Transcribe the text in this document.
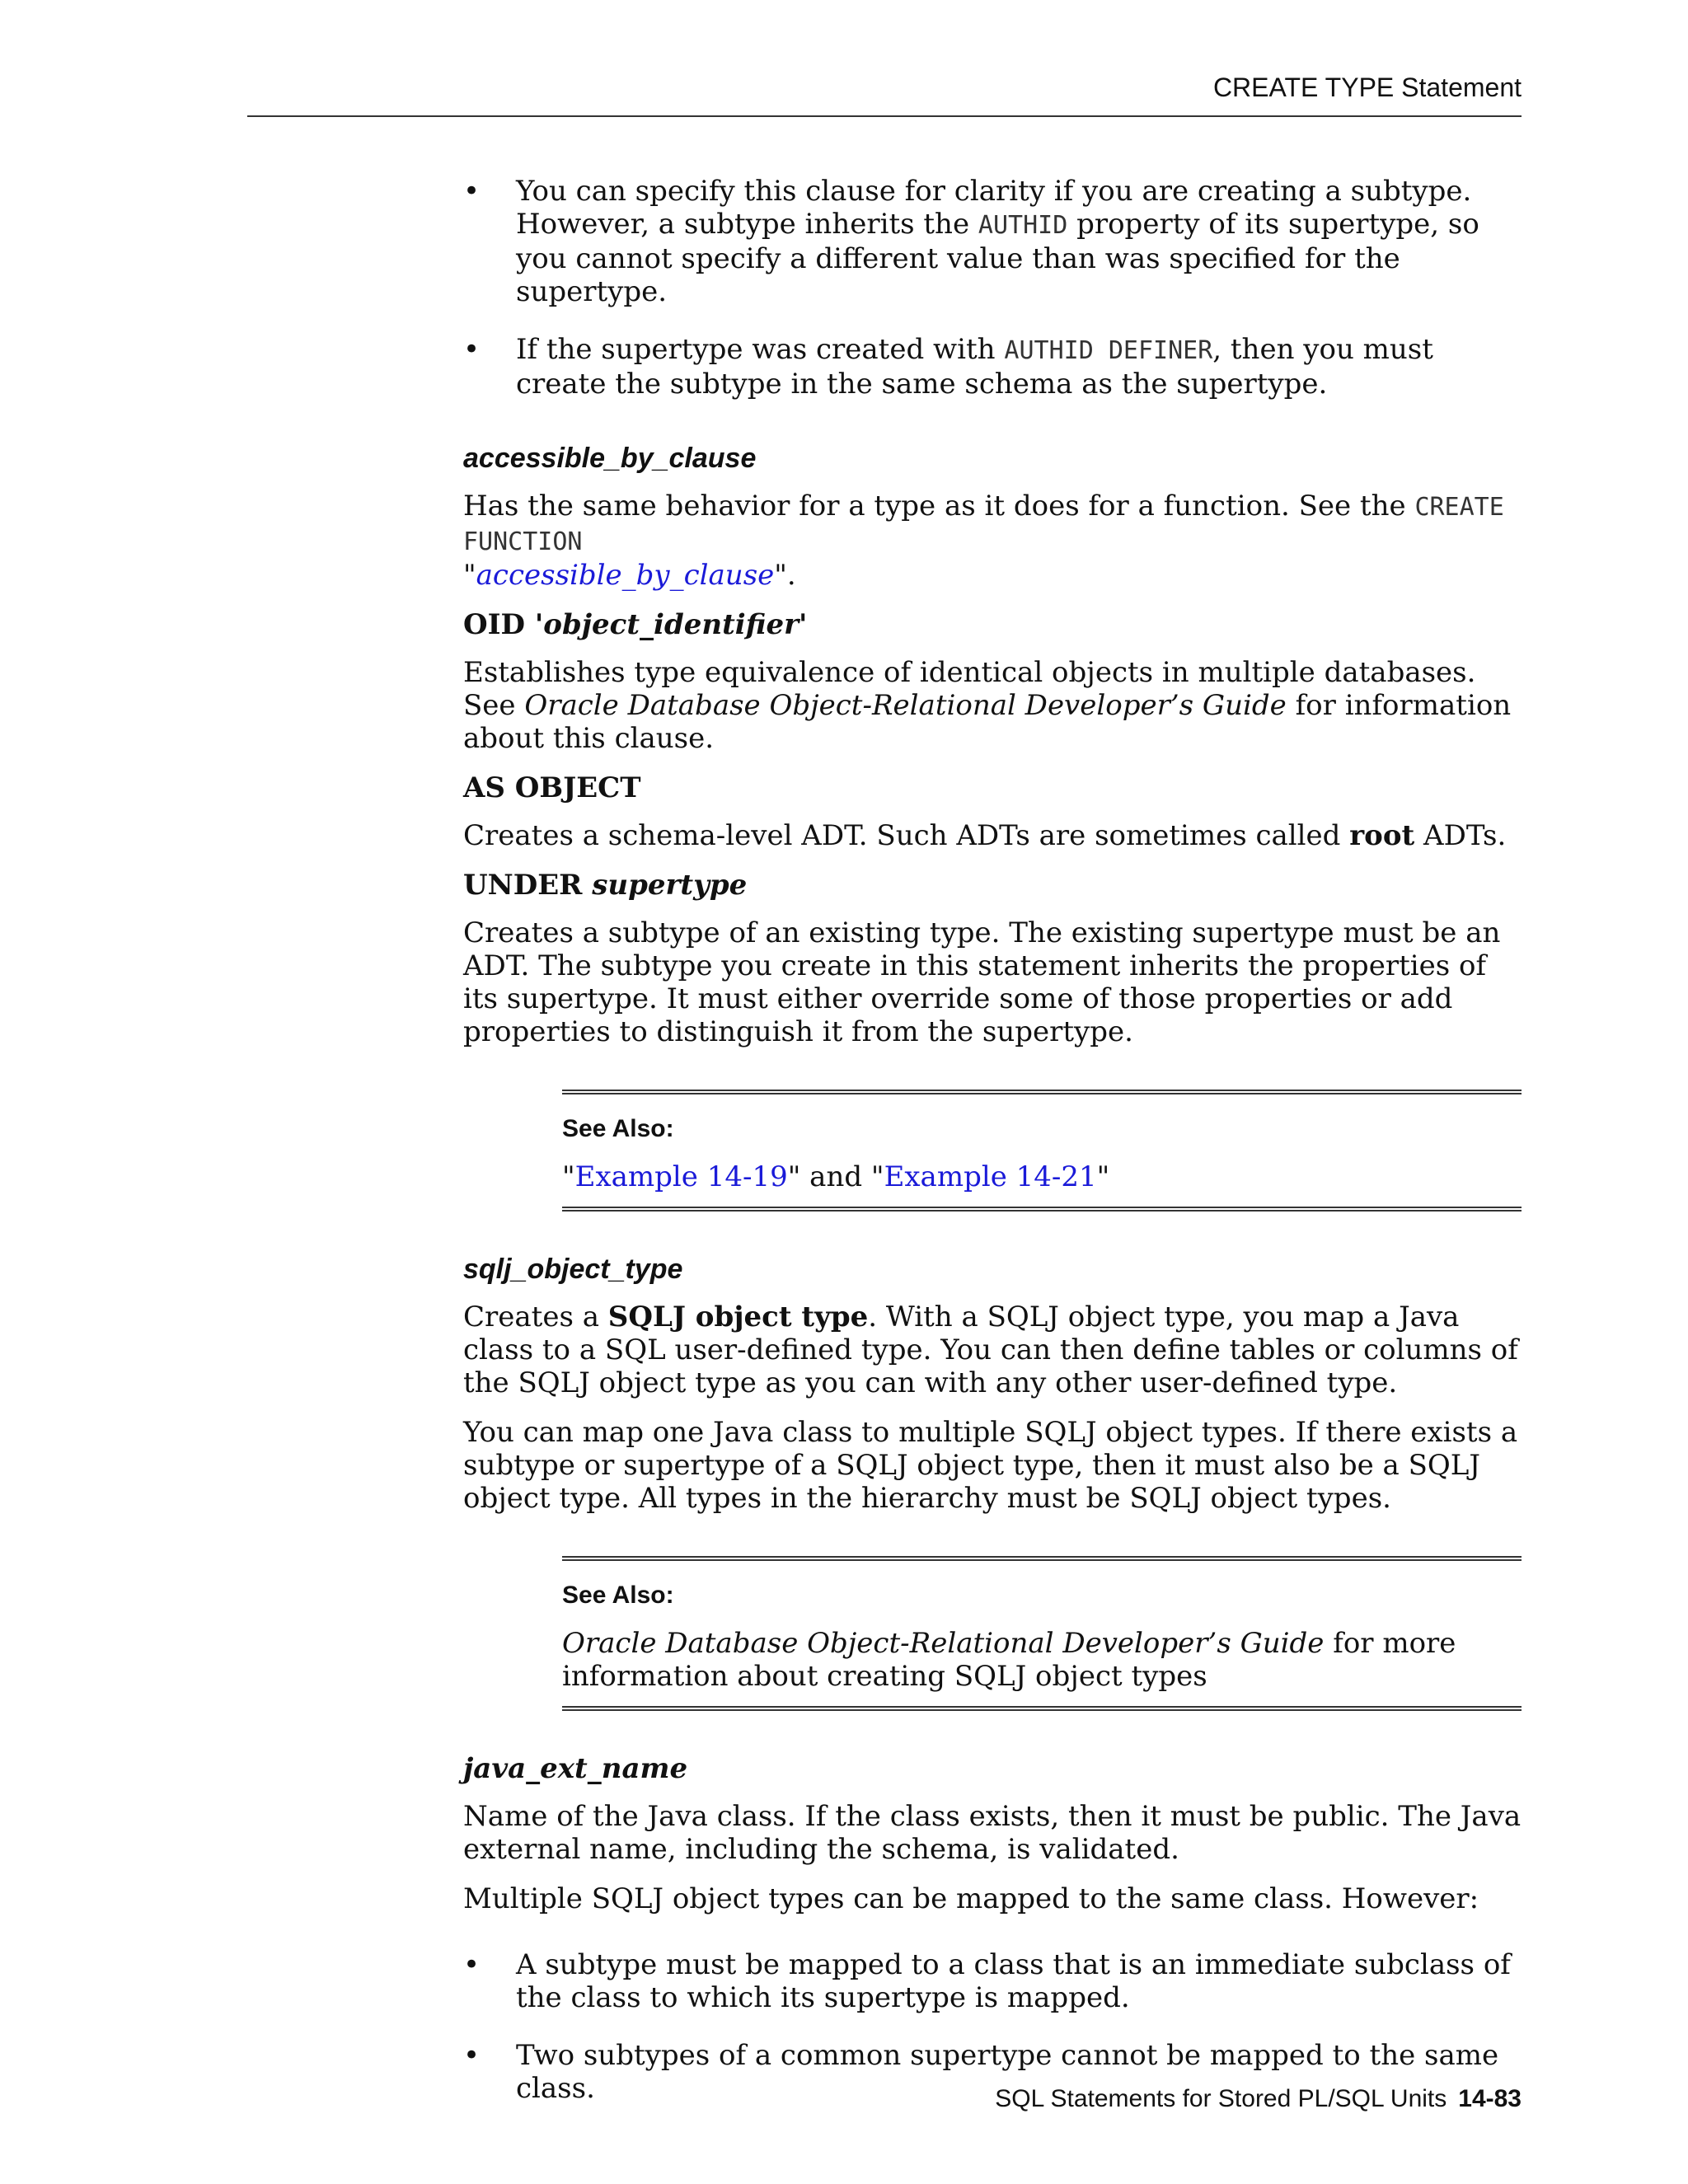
CREATE TYPE Statement
• You can specify this clause for clarity if you are creating a subtype. However, a subtype inherits the AUTHID property of its supertype, so you cannot specify a different value than was specified for the supertype.
• If the supertype was created with AUTHID DEFINER, then you must create the subtype in the same schema as the supertype.
accessible_by_clause

Has the same behavior for a type as it does for a function. See the CREATE FUNCTION
"accessible_by_clause".

OID 'object_identifier'

Establishes type equivalence of identical objects in multiple databases. See Oracle Database Object-Relational Developer’s Guide for information about this clause.

AS OBJECT

Creates a schema-level ADT. Such ADTs are sometimes called root ADTs.

UNDER supertype

Creates a subtype of an existing type. The existing supertype must be an ADT. The subtype you create in this statement inherits the properties of its supertype. It must either override some of those properties or add properties to distinguish it from the supertype.

See Also:

"Example 14-19" and "Example 14-21"

sqlj_object_type

Creates a SQLJ object type. With a SQLJ object type, you map a Java class to a SQL user-defined type. You can then define tables or columns of the SQLJ object type as you can with any other user-defined type.

You can map one Java class to multiple SQLJ object types. If there exists a subtype or supertype of a SQLJ object type, then it must also be a SQLJ object type. All types in the hierarchy must be SQLJ object types.

See Also:

Oracle Database Object-Relational Developer’s Guide for more information about creating SQLJ object types

java_ext_name

Name of the Java class. If the class exists, then it must be public. The Java external name, including the schema, is validated.

Multiple SQLJ object types can be mapped to the same class. However:

• A subtype must be mapped to a class that is an immediate subclass of the class to which its supertype is mapped.
• Two subtypes of a common supertype cannot be mapped to the same class.	SQL Statements for Stored PL/SQL Units 14-83
